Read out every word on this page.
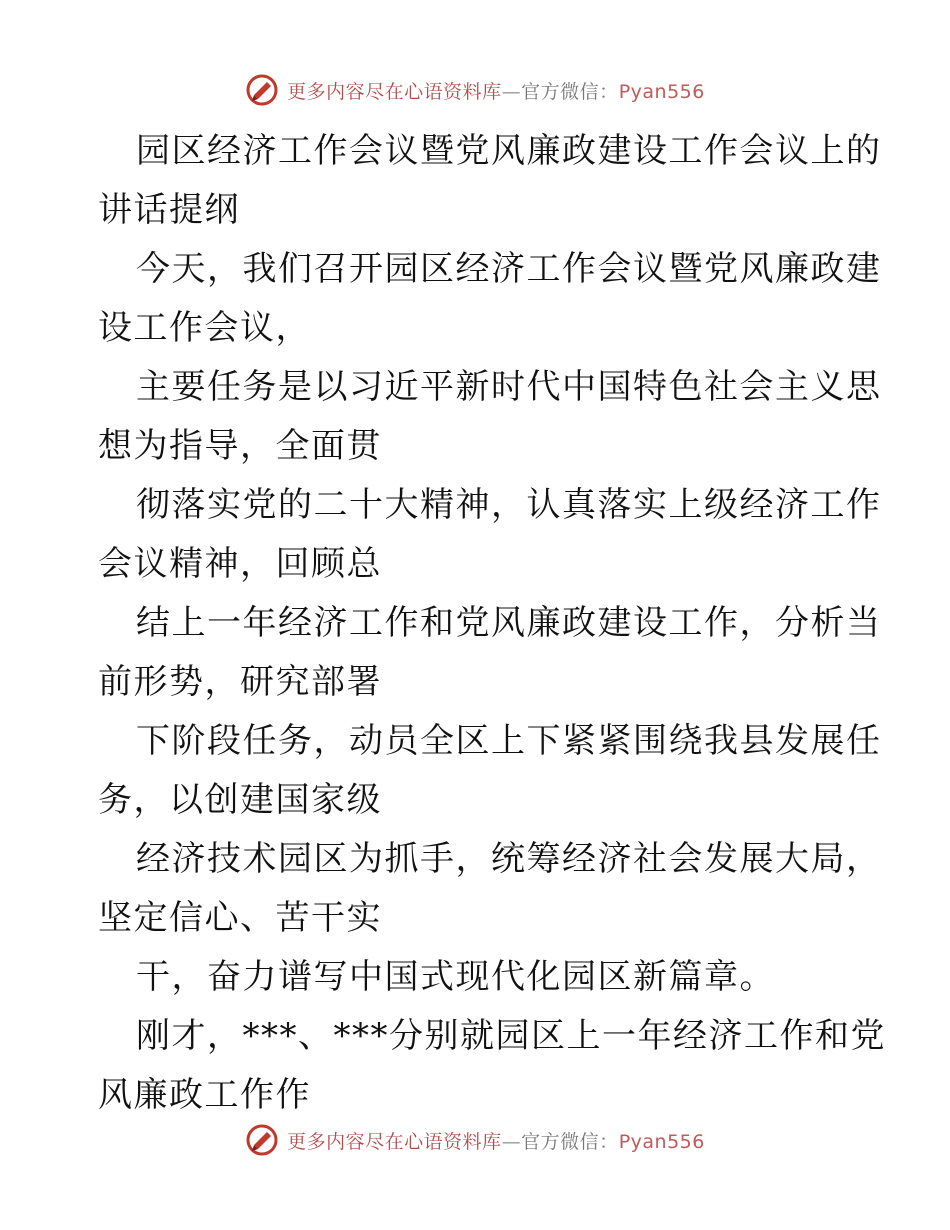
更多内容尽在心语资料库—官方微信：Pyan556

园区经济工作会议暨党风廉政建设工作会议上的
讲话提纲

今天，我们召开园区经济工作会议暨党风廉政建
设工作会议，

主要任务是以习近平新时代中国特色社会主义思
想为指导，全面贯

彻落实党的二十大精神，认真落实上级经济工作
会议精神，回顾总

结上一年经济工作和党风廉政建设工作，分析当
前形势，研究部署

下阶段任务，动员全区上下紧紧围绕我县发展任
务，以创建国家级

经济技术园区为抓手，统筹经济社会发展大局，
坚定信心、苦干实

干，奋力谱写中国式现代化园区新篇章。

刚才，***、***分别就园区上一年经济工作和党
风廉政工作作

更多内容尽在心语资料库—官方微信：Pyan556
